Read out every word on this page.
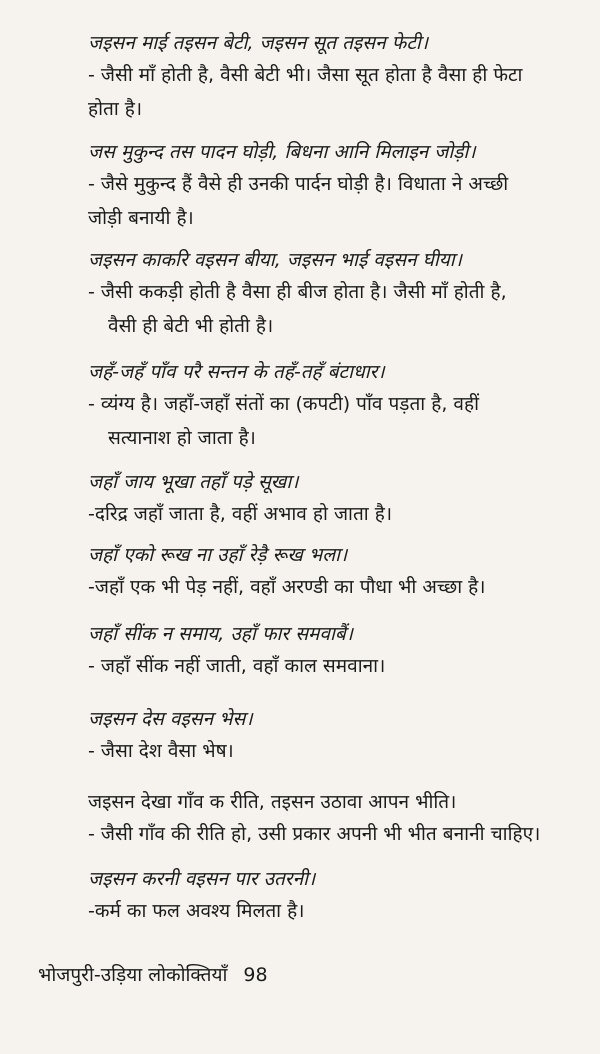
जइसन माई तइसन बेटी, जइसन सूत तइसन फेटी।
- जैसी माँ होती है, वैसी बेटी भी। जैसा सूत होता है वैसा ही फेटा
होता है।
जस मुकुन्द तस पादन घोड़ी, बिधना आनि मिलाइन जोड़ी।
- जैसे मुकुन्द हैं वैसे ही उनकी पार्दन घोड़ी है। विधाता ने अच्छी
जोड़ी बनायी है।
जइसन काकरि वइसन बीया, जइसन भाई वइसन घीया।
- जैसी ककड़ी होती है वैसा ही बीज होता है। जैसी माँ होती है,
वैसी ही बेटी भी होती है।
जहँ-जहँ पाँव परै सन्तन के तहँ-तहँ बंटाधार।
- व्यंग्य है। जहाँ-जहाँ संतों का (कपटी) पाँव पड़ता है, वहीं
सत्यानाश हो जाता है।
जहाँ जाय भूखा तहाँ पड़े सूखा।
-दरिद्र जहाँ जाता है, वहीं अभाव हो जाता है।
जहाँ एको रूख ना उहाँ रेड़ै रूख भला।
-जहाँ एक भी पेड़ नहीं, वहाँ अरण्डी का पौधा भी अच्छा है।
जहाँ सींक न समाय, उहाँ फार समवाबैं।
- जहाँ सींक नहीं जाती, वहाँ काल समवाना।
जइसन देस वइसन भेस।
- जैसा देश वैसा भेष।
जइसन देखा गाँव क रीति, तइसन उठावा आपन भीति।
- जैसी गाँव की रीति हो, उसी प्रकार अपनी भी भीत बनानी चाहिए।
जइसन करनी वइसन पार उतरनी।
-कर्म का फल अवश्य मिलता है।
भोजपुरी-उड़िया लोकोक्तियाँ 98
